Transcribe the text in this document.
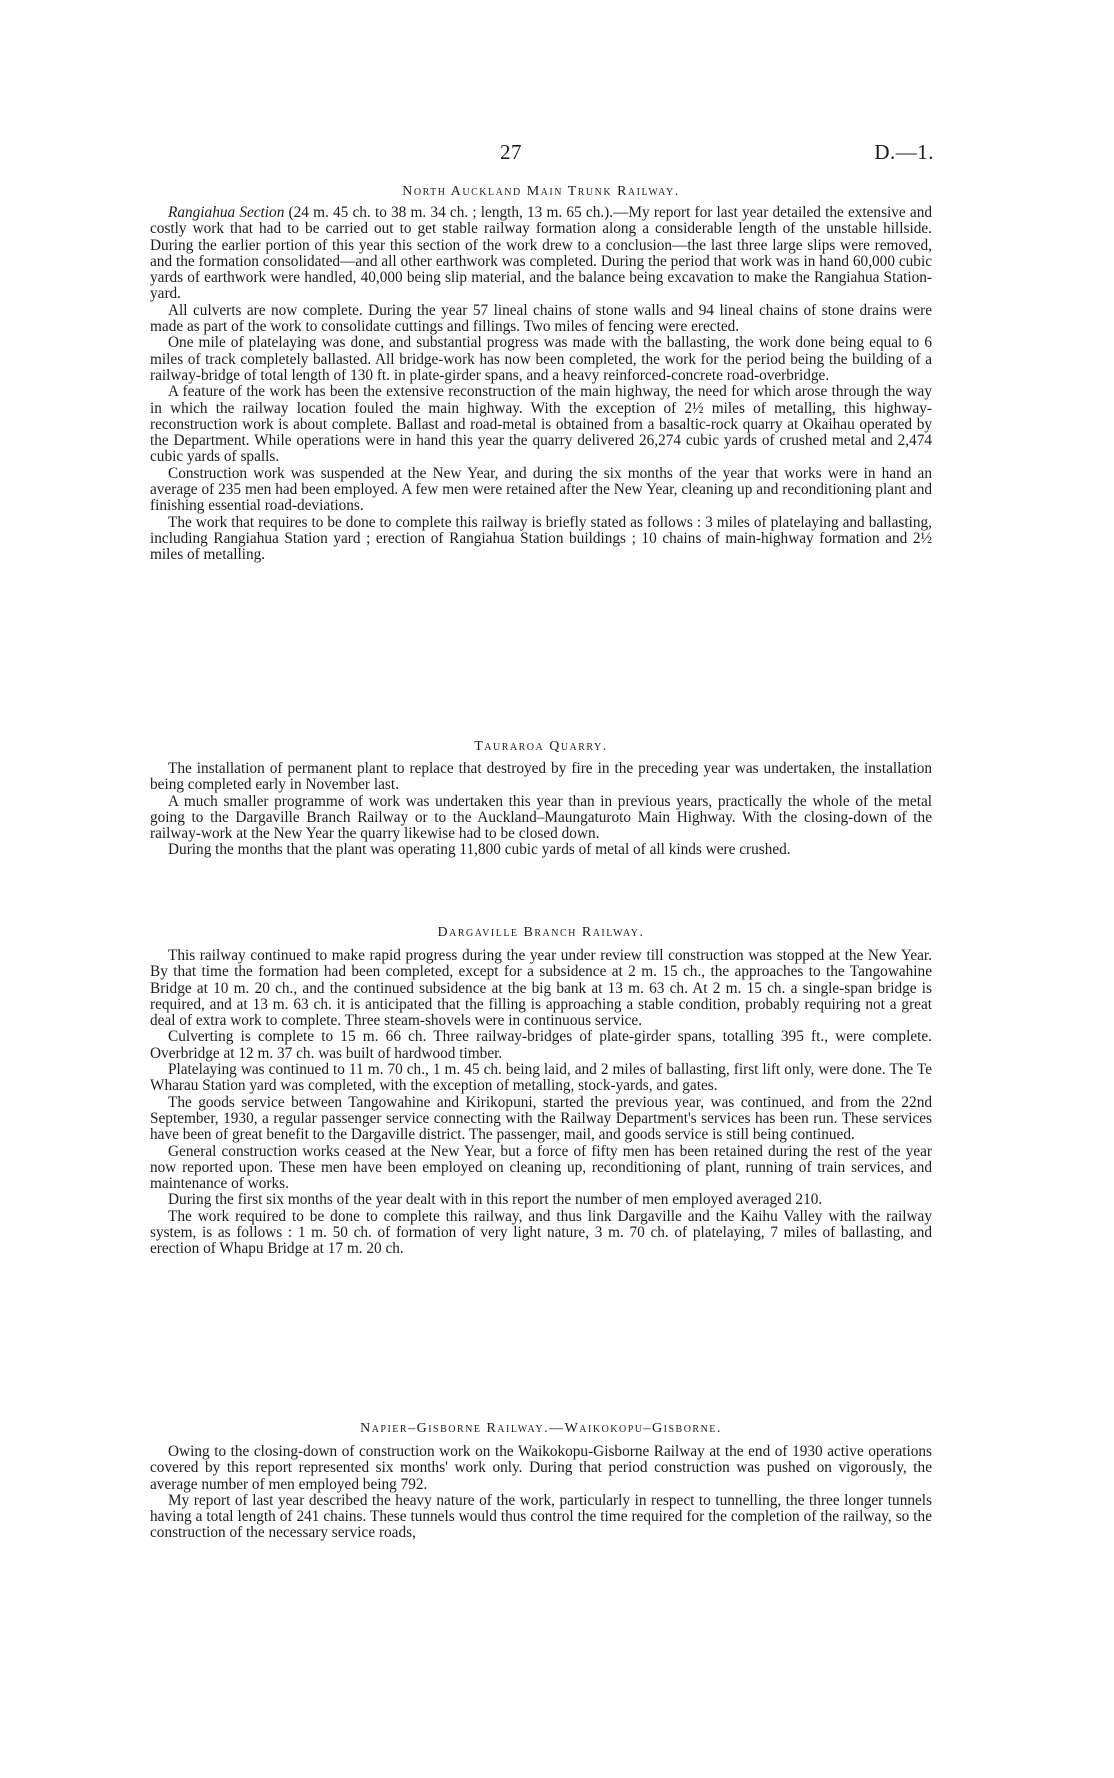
27	D.—1.
North Auckland Main Trunk Railway.

Rangiahua Section (24 m. 45 ch. to 38 m. 34 ch. ; length, 13 m. 65 ch.).—My report for last year detailed the extensive and costly work that had to be carried out to get stable railway formation along a considerable length of the unstable hillside. During the earlier portion of this year this section of the work drew to a conclusion—the last three large slips were removed, and the formation consolidated—and all other earthwork was completed. During the period that work was in hand 60,000 cubic yards of earthwork were handled, 40,000 being slip material, and the balance being excavation to make the Rangiahua Station-yard.

All culverts are now complete. During the year 57 lineal chains of stone walls and 94 lineal chains of stone drains were made as part of the work to consolidate cuttings and fillings. Two miles of fencing were erected.

One mile of platelaying was done, and substantial progress was made with the ballasting, the work done being equal to 6 miles of track completely ballasted. All bridge-work has now been completed, the work for the period being the building of a railway-bridge of total length of 130 ft. in plate-girder spans, and a heavy reinforced-concrete road-overbridge.

A feature of the work has been the extensive reconstruction of the main highway, the need for which arose through the way in which the railway location fouled the main highway. With the exception of 2½ miles of metalling, this highway-reconstruction work is about complete. Ballast and road-metal is obtained from a basaltic-rock quarry at Okaihau operated by the Department. While operations were in hand this year the quarry delivered 26,274 cubic yards of crushed metal and 2,474 cubic yards of spalls.

Construction work was suspended at the New Year, and during the six months of the year that works were in hand an average of 235 men had been employed. A few men were retained after the New Year, cleaning up and reconditioning plant and finishing essential road-deviations.

The work that requires to be done to complete this railway is briefly stated as follows : 3 miles of platelaying and ballasting, including Rangiahua Station yard ; erection of Rangiahua Station buildings ; 10 chains of main-highway formation and 2½ miles of metalling.

Tauraroa Quarry.

The installation of permanent plant to replace that destroyed by fire in the preceding year was undertaken, the installation being completed early in November last.

A much smaller programme of work was undertaken this year than in previous years, practically the whole of the metal going to the Dargaville Branch Railway or to the Auckland–Maungaturoto Main Highway. With the closing-down of the railway-work at the New Year the quarry likewise had to be closed down.

During the months that the plant was operating 11,800 cubic yards of metal of all kinds were crushed.

Dargaville Branch Railway.

This railway continued to make rapid progress during the year under review till construction was stopped at the New Year. By that time the formation had been completed, except for a subsidence at 2 m. 15 ch., the approaches to the Tangowahine Bridge at 10 m. 20 ch., and the continued subsidence at the big bank at 13 m. 63 ch. At 2 m. 15 ch. a single-span bridge is required, and at 13 m. 63 ch. it is anticipated that the filling is approaching a stable condition, probably requiring not a great deal of extra work to complete. Three steam-shovels were in continuous service.

Culverting is complete to 15 m. 66 ch. Three railway-bridges of plate-girder spans, totalling 395 ft., were complete. Overbridge at 12 m. 37 ch. was built of hardwood timber.

Platelaying was continued to 11 m. 70 ch., 1 m. 45 ch. being laid, and 2 miles of ballasting, first lift only, were done. The Te Wharau Station yard was completed, with the exception of metalling, stock-yards, and gates.

The goods service between Tangowahine and Kirikopuni, started the previous year, was continued, and from the 22nd September, 1930, a regular passenger service connecting with the Railway Department's services has been run. These services have been of great benefit to the Dargaville district. The passenger, mail, and goods service is still being continued.

General construction works ceased at the New Year, but a force of fifty men has been retained during the rest of the year now reported upon. These men have been employed on cleaning up, reconditioning of plant, running of train services, and maintenance of works.

During the first six months of the year dealt with in this report the number of men employed averaged 210.

The work required to be done to complete this railway, and thus link Dargaville and the Kaihu Valley with the railway system, is as follows : 1 m. 50 ch. of formation of very light nature, 3 m. 70 ch. of platelaying, 7 miles of ballasting, and erection of Whapu Bridge at 17 m. 20 ch.

Napier–Gisborne Railway.—Waikokopu–Gisborne.

Owing to the closing-down of construction work on the Waikokopu-Gisborne Railway at the end of 1930 active operations covered by this report represented six months' work only. During that period construction was pushed on vigorously, the average number of men employed being 792.

My report of last year described the heavy nature of the work, particularly in respect to tunnelling, the three longer tunnels having a total length of 241 chains. These tunnels would thus control the time required for the completion of the railway, so the construction of the necessary service roads,
